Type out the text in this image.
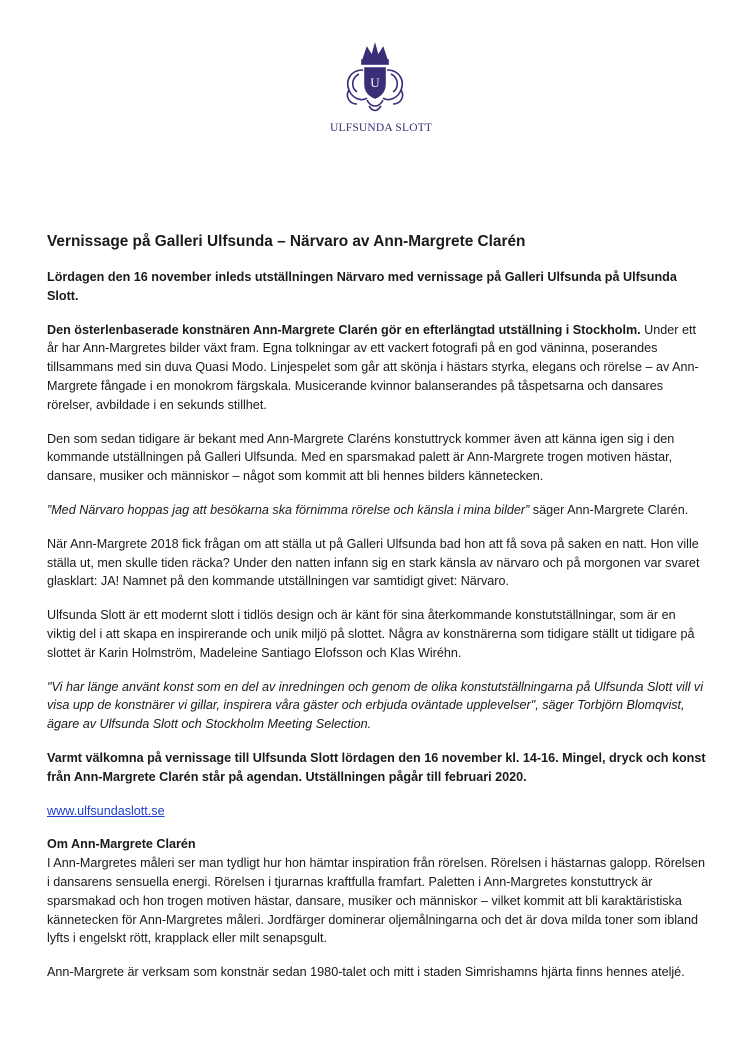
U
ULFSUNDA SLOTT
Vernissage på Galleri Ulfsunda – Närvaro av Ann-Margrete Clarén

Lördagen den 16 november inleds utställningen Närvaro med vernissage på Galleri Ulfsunda på Ulfsunda Slott.

Den österlenbaserade konstnären Ann-Margrete Clarén gör en efterlängtad utställning i Stockholm. Under ett år har Ann-Margretes bilder växt fram. Egna tolkningar av ett vackert fotografi på en god väninna, poserandes tillsammans med sin duva Quasi Modo. Linjespelet som går att skönja i hästars styrka, elegans och rörelse – av Ann-Margrete fångade i en monokrom färgskala. Musicerande kvinnor balanserandes på tåspetsarna och dansares rörelser, avbildade i en sekunds stillhet.

Den som sedan tidigare är bekant med Ann-Margrete Claréns konstuttryck kommer även att känna igen sig i den kommande utställningen på Galleri Ulfsunda. Med en sparsmakad palett är Ann-Margrete trogen motiven hästar, dansare, musiker och människor – något som kommit att bli hennes bilders kännetecken.

”Med Närvaro hoppas jag att besökarna ska förnimma rörelse och känsla i mina bilder” säger Ann-Margrete Clarén.

När Ann-Margrete 2018 fick frågan om att ställa ut på Galleri Ulfsunda bad hon att få sova på saken en natt. Hon ville ställa ut, men skulle tiden räcka? Under den natten infann sig en stark känsla av närvaro och på morgonen var svaret glasklart: JA! Namnet på den kommande utställningen var samtidigt givet: Närvaro.

Ulfsunda Slott är ett modernt slott i tidlös design och är känt för sina återkommande konstutställningar, som är en viktig del i att skapa en inspirerande och unik miljö på slottet. Några av konstnärerna som tidigare ställt ut tidigare på slottet är Karin Holmström, Madeleine Santiago Elofsson och Klas Wiréhn.

"Vi har länge använt konst som en del av inredningen och genom de olika konstutställningarna på Ulfsunda Slott vill vi visa upp de konstnärer vi gillar, inspirera våra gäster och erbjuda oväntade upplevelser", säger Torbjörn Blomqvist, ägare av Ulfsunda Slott och Stockholm Meeting Selection.

Varmt välkomna på vernissage till Ulfsunda Slott lördagen den 16 november kl. 14-16. Mingel, dryck och konst från Ann-Margrete Clarén står på agendan. Utställningen pågår till februari 2020.

www.ulfsundaslott.se

Om Ann-Margrete Clarén

I Ann-Margretes måleri ser man tydligt hur hon hämtar inspiration från rörelsen. Rörelsen i hästarnas galopp. Rörelsen i dansarens sensuella energi. Rörelsen i tjurarnas kraftfulla framfart. Paletten i Ann-Margretes konstuttryck är sparsmakad och hon trogen motiven hästar, dansare, musiker och människor – vilket kommit att bli karaktäristiska kännetecken för Ann-Margretes måleri. Jordfärger dominerar oljemålningarna och det är dova milda toner som ibland lyfts i engelskt rött, krapplack eller milt senapsgult.

Ann-Margrete är verksam som konstnär sedan 1980-talet och mitt i staden Simrishamns hjärta finns hennes ateljé.
